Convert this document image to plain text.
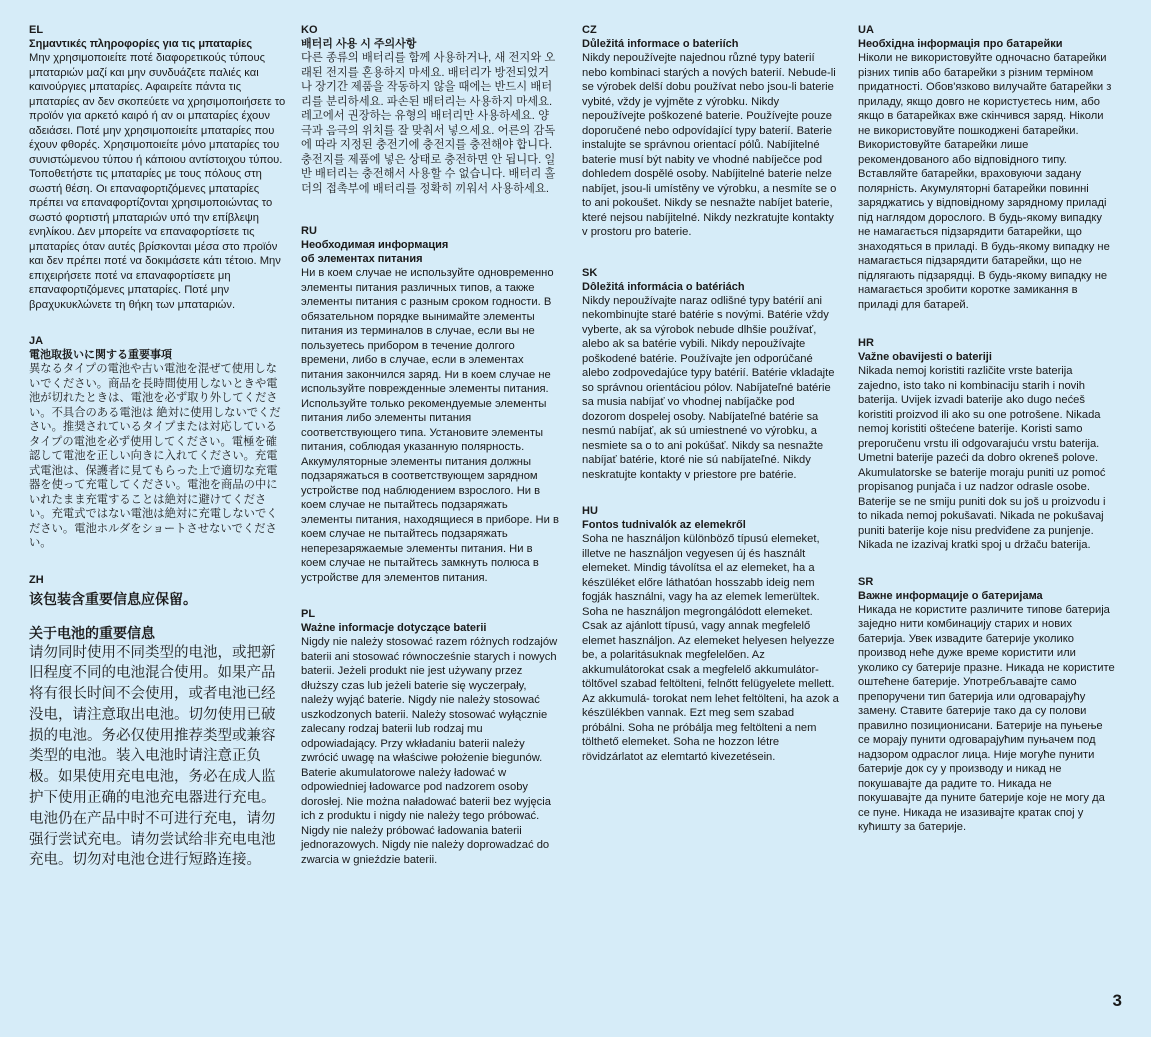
EL
Σημαντικές πληροφορίες για τις μπαταρίες
Μην χρησιμοποιείτε ποτέ διαφορετικούς τύπους μπαταριών μαζί και μην συνδυάζετε παλιές και καινούργιες μπαταρίες. Αφαιρείτε πάντα τις μπαταρίες αν δεν σκοπεύετε να χρησιμοποιήσετε το προϊόν για αρκετό καιρό ή αν οι μπαταρίες έχουν αδειάσει. Ποτέ μην χρησιμοποιείτε μπαταρίες που έχουν φθορές. Χρησιμοποιείτε μόνο μπαταρίες του συνιστώμενου τύπου ή κάποιου αντίστοιχου τύπου. Τοποθετήστε τις μπαταρίες με τους πόλους στη σωστή θέση. Οι επαναφορτιζόμενες μπαταρίες πρέπει να επαναφορτίζονται χρησιμοποιώντας το σωστό φορτιστή μπαταριών υπό την επίβλεψη ενηλίκου. Δεν μπορείτε να επαναφορτίσετε τις μπαταρίες όταν αυτές βρίσκονται μέσα στο προϊόν και δεν πρέπει ποτέ να δοκιμάσετε κάτι τέτοιο. Μην επιχειρήσετε ποτέ να επαναφορτίσετε μη επαναφορτιζόμενες μπαταρίες. Ποτέ μην βραχυκυκλώνετε τη θήκη των μπαταριών.
JA
電池取扱いに関する重要事項
異なるタイプの電池や古い電池を混ぜて使用しないでください。商品を長時間使用しないときや電池が切れたときは、電池を必ず取り外してください。不具合のある電池は 絶対に使用しないでください。推奨されているタイプまたは対応しているタイプの電池を必ず使用してください。電極を確認して電池を正しい向きに入れてください。充電式電池は、保護者に見てもらった上で適切な充電器を使って充電してください。電池を商品の中にいれたまま充電することは絶対に避けてください。充電式ではない電池は絶対に充電しないでください。電池ホルダをショートさせないでください。
ZH
该包装含重要信息应保留。
关于电池的重要信息
请勿同时使用不同类型的电池，或把新旧程度不同的电池混合使用。如果产品将有很长时间不会使用，或者电池已经没电，请注意取出电池。切勿使用已破损的电池。务必仅使用推荐类型或兼容类型的电池。装入电池时请注意正负极。如果使用充电电池，务必在成人监护下使用正确的电池充电器进行充电。电池仍在产品中时不可进行充电，请勿强行尝试充电。请勿尝试给非充电电池充电。切勿对电池仓进行短路连接。
KO
배터리 사용 시 주의사항
다른 종류의 배터리를 함께 사용하거나, 새 전지와 오래된 전지를 혼용하지 마세요. 배터리가 방전되었거나 장기간 제품을 작동하지 않을 때에는 반드시 배터리를 분리하세요. 파손된 배터리는 사용하지 마세요. 레고에서 권장하는 유형의 배터리만 사용하세요. 양극과 음극의 위치를 잘 맞춰서 넣으세요. 어른의 감독에 따라 지정된 충전기에 충전지를 충전해야 합니다. 충전지를 제품에 넣은 상태로 충전하면 안 됩니다. 일반 배터리는 충전해서 사용할 수 없습니다. 배터리 홀더의 접촉부에 배터리를 정확히 끼워서 사용하세요.
RU
Необходимая информация
об элементах питания
Ни в коем случае не используйте одновременно элементы питания различных типов, а также элементы питания с разным сроком годности. В обязательном порядке вынимайте элементы питания из терминалов в случае, если вы не пользуетесь прибором в течение долгого времени, либо в случае, если в элементах питания закончился заряд. Ни в коем случае не используйте поврежденные элементы питания. Используйте только рекомендуемые элементы питания либо элементы питания соответствующего типа. Установите элементы питания, соблюдая указанную полярность. Аккумуляторные элементы питания должны подзаряжаться в соответствующем зарядном устройстве под наблюдением взрослого. Ни в коем случае не пытайтесь подзаряжать элементы питания, находящиеся в приборе. Ни в коем случае не пытайтесь подзаряжать неперезаряжаемые элементы питания. Ни в коем случае не пытайтесь замкнуть полюса в устройстве для элементов питания.
PL
Ważne informacje dotyczące baterii
Nigdy nie należy stosować razem różnych rodzajów baterii ani stosować równocześnie starych i nowych baterii. Jeżeli produkt nie jest używany przez dłuższy czas lub jeżeli baterie się wyczerpały, należy wyjąć baterie. Nigdy nie należy stosować uszkodzonych baterii. Należy stosować wyłącznie zalecany rodzaj baterii lub rodzaj mu odpowiadający. Przy wkładaniu baterii należy zwrócić uwagę na właściwe położenie biegunów. Baterie akumulatorowe należy ładować w odpowiedniej ładowarce pod nadzorem osoby dorosłej. Nie można naładować baterii bez wyjęcia ich z produktu i nigdy nie należy tego próbować. Nigdy nie należy próbować ładowania baterii jednorazowych. Nigdy nie należy doprowadzać do zwarcia w gnieździe baterii.
CZ
Důležitá informace o bateriích
Nikdy nepoužívejte najednou různé typy baterií nebo kombinaci starých a nových baterií. Nebude-li se výrobek delší dobu používat nebo jsou-li baterie vybité, vždy je vyjměte z výrobku. Nikdy nepoužívejte poškozené baterie. Používejte pouze doporučené nebo odpovídající typy baterií. Baterie instalujte se správnou orientací pólů. Nabíjitelné baterie musí být nabity ve vhodné nabíječce pod dohledem dospělé osoby. Nabíjitelné baterie nelze nabíjet, jsou-li umístěny ve výrobku, a nesmíte se o to ani pokoušet. Nikdy se nesnažte nabíjet baterie, které nejsou nabíjitelné. Nikdy nezkratujte kontakty v prostoru pro baterie.
SK
Dôležitá informácia o batériách
Nikdy nepoužívajte naraz odlišné typy batérií ani nekombinujte staré batérie s novými. Batérie vždy vyberte, ak sa výrobok nebude dlhšie používať, alebo ak sa batérie vybili. Nikdy nepoužívajte poškodené batérie. Používajte jen odporúčané alebo zodpovedajúce typy batérií. Batérie vkladajte so správnou orientáciou pólov. Nabíjateľné batérie sa musia nabíjať vo vhodnej nabíjačke pod dozorom dospelej osoby. Nabíjateľné batérie sa nesmú nabíjať, ak sú umiestnené vo výrobku, a nesmiete sa o to ani pokúšať. Nikdy sa nesnažte nabíjať batérie, ktoré nie sú nabíjateľné. Nikdy neskratujte kontakty v priestore pre batérie.
HU
Fontos tudnivalók az elemekről
Soha ne használjon különböző típusú elemeket, illetve ne használjon vegyesen új és használt elemeket. Mindig távolítsa el az elemeket, ha a készüléket előre láthatóan hosszabb ideig nem fogják használni, vagy ha az elemek lemerültek. Soha ne használjon megrongálódott elemeket. Csak az ajánlott típusú, vagy annak megfelelő elemet használjon. Az elemeket helyesen helyezze be, a polaritásuknak megfelelően. Az akkumulátorokat csak a megfelelő akkumulátor- töltővel szabad feltölteni, felnőtt felügyelete mellett. Az akkumulá- torokat nem lehet feltölteni, ha azok a készülékben vannak. Ezt meg sem szabad próbálni. Soha ne próbálja meg feltölteni a nem tölthető elemeket. Soha ne hozzon létre rövidzárlatot az elemtartó kivezetésein.
UA
Необхідна інформація про батарейки
Ніколи не використовуйте одночасно батарейки різних типів або батарейки з різним терміном придатності. Обов'язково вилучайте батарейки з приладу, якщо довго не користуєтесь ним, або якщо в батарейках вже скінчився заряд. Ніколи не використовуйте пошкоджені батарейки. Використовуйте батарейки лише рекомендованого або відповідного типу. Вставляйте батарейки, враховуючи задану полярність. Акумуляторні батарейки повинні заряджатись у відповідному зарядному приладі під наглядом дорослого. В будь-якому випадку не намагається підзарядити батарейки, що знаходяться в приладі. В будь-якому випадку не намагається підзарядити батарейки, що не підлягають підзарядці. В будь-якому випадку не намагається зробити коротке замикання в приладі для батарей.
HR
Važne obavijesti o bateriji
Nikada nemoj koristiti različite vrste baterija zajedno, isto tako ni kombinaciju starih i novih baterija. Uvijek izvadi baterije ako dugo nećeš koristiti proizvod ili ako su one potrošene. Nikada nemoj koristiti oštećene baterije. Koristi samo preporučenu vrstu ili odgovarajuću vrstu baterija. Umetni baterije pazeći da dobro okreneš polove. Akumulatorske se baterije moraju puniti uz pomoć propisanog punjača i uz nadzor odrasle osobe. Baterije se ne smiju puniti dok su još u proizvodu i to nikada nemoj pokušavati. Nikada ne pokušavaj puniti baterije koje nisu predviđene za punjenje. Nikada ne izazivaj kratki spoj u držaču baterija.
SR
Важне информације о батеријама
Никада не користите различите типове батерија заједно нити комбинацију старих и нових батерија. Увек извадите батерије уколико производ неће дуже време користити или уколико су батерије празне. Никада не користите оштећене батерије. Употребљавајте само препоручени тип батерија или одговарајућу замену. Ставите батерије тако да су полови правилно позиционисани. Батерије на пуњење се морају пунити одговарајућим пуњачем под надзором одраслог лица. Није могуће пунити батерије док су у производу и никад не покушавајте да радите то. Никада не покушавајте да пуните батерије које не могу да се пуне. Никада не изазивајте кратак спој у кућишту за батерије.
3
